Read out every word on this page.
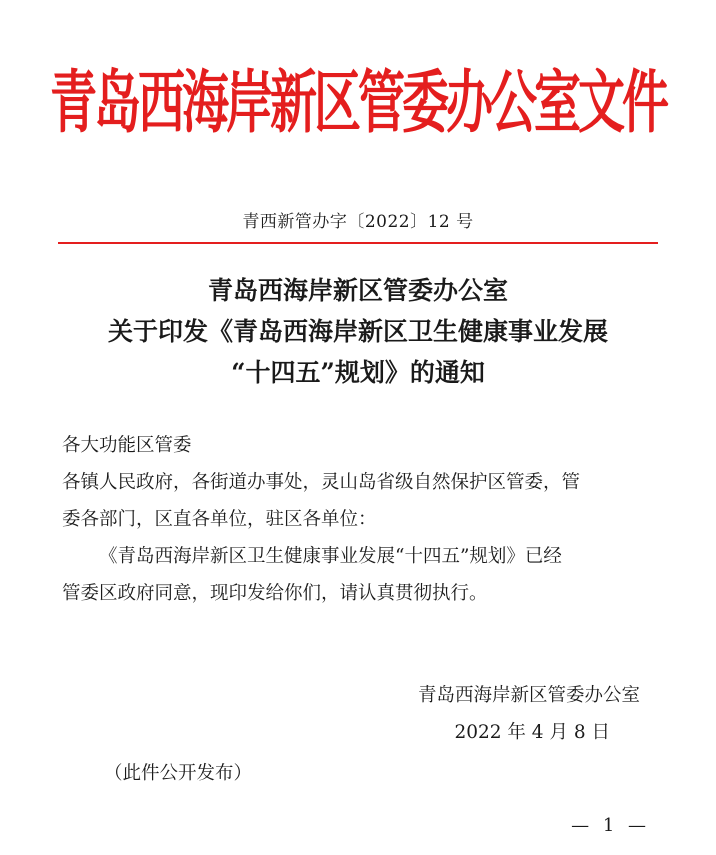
青岛西海岸新区管委办公室文件
青西新管办字〔2022〕12 号
青岛西海岸新区管委办公室
关于印发《青岛西海岸新区卫生健康事业发展
“十四五”规划》的通知

各大功能区管委

各镇人民政府，各街道办事处，灵山岛省级自然保护区管委，管

委各部门，区直各单位，驻区各单位：

《青岛西海岸新区卫生健康事业发展“十四五”规划》已经

管委区政府同意，现印发给你们，请认真贯彻执行。

青岛西海岸新区管委办公室
2022 年 4 月 8 日
（此件公开发布）
— 1 —
